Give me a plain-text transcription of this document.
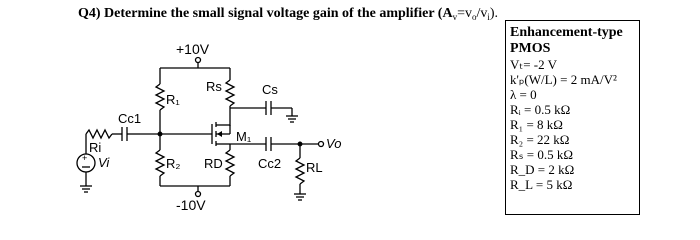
Q4) Determine the small signal voltage gain of the amplifier $(A_v=v_o/v_i)$.

Enhancement-type

PMOS

Vₜ= -2 V

k'ₚ(W/L) = 2 mA/V²

λ = 0

Rᵢ = 0.5 kΩ

R₁ = 8 kΩ

R₂ = 22 kΩ

Rₛ = 0.5 kΩ

R_D = 2 kΩ

R_L = 5 kΩ

+10V
R₁
Rs	Cs
M₁	Vo
Cc2 RL
R₂ RD
-10V
Cc1
Ri
+ Vi
